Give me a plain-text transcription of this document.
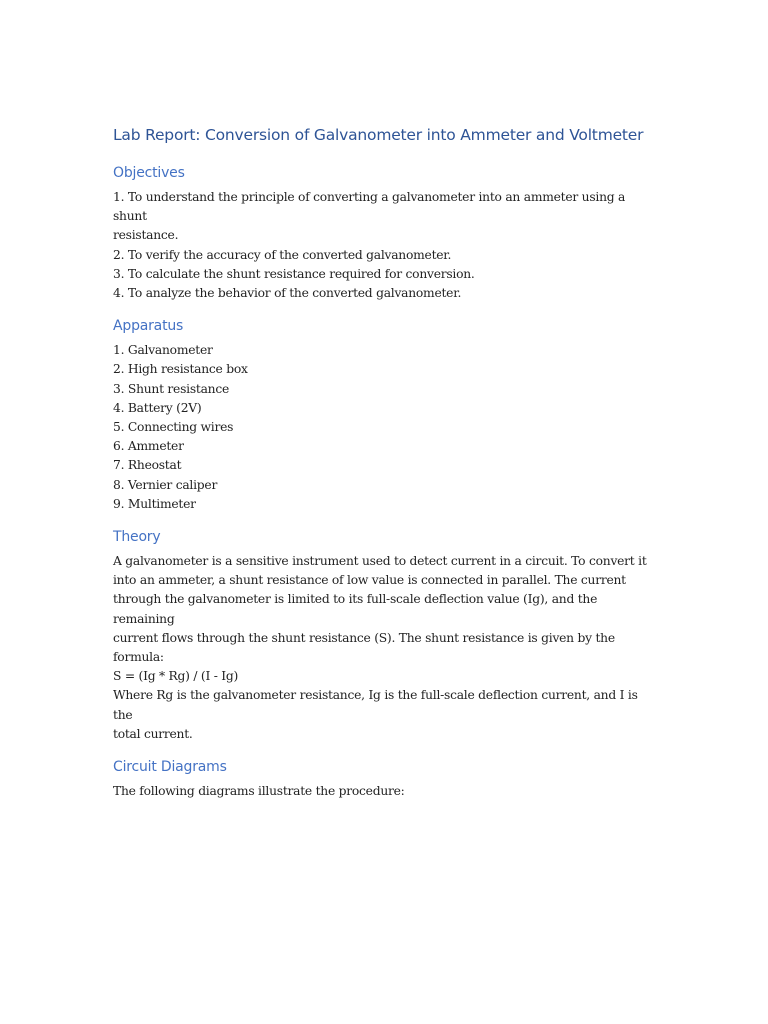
Lab Report: Conversion of Galvanometer into Ammeter and Voltmeter
Objectives
1. To understand the principle of converting a galvanometer into an ammeter using a shunt
resistance.
2. To verify the accuracy of the converted galvanometer.
3. To calculate the shunt resistance required for conversion.
4. To analyze the behavior of the converted galvanometer.
Apparatus
1. Galvanometer
2. High resistance box
3. Shunt resistance
4. Battery (2V)
5. Connecting wires
6. Ammeter
7. Rheostat
8. Vernier caliper
9. Multimeter
Theory

A galvanometer is a sensitive instrument used to detect current in a circuit. To convert it

into an ammeter, a shunt resistance of low value is connected in parallel. The current

through the galvanometer is limited to its full-scale deflection value (Ig), and the remaining

current flows through the shunt resistance (S). The shunt resistance is given by the formula:

S = (Ig * Rg) / (I - Ig)

Where Rg is the galvanometer resistance, Ig is the full-scale deflection current, and I is the

total current.

Circuit Diagrams

The following diagrams illustrate the procedure:
